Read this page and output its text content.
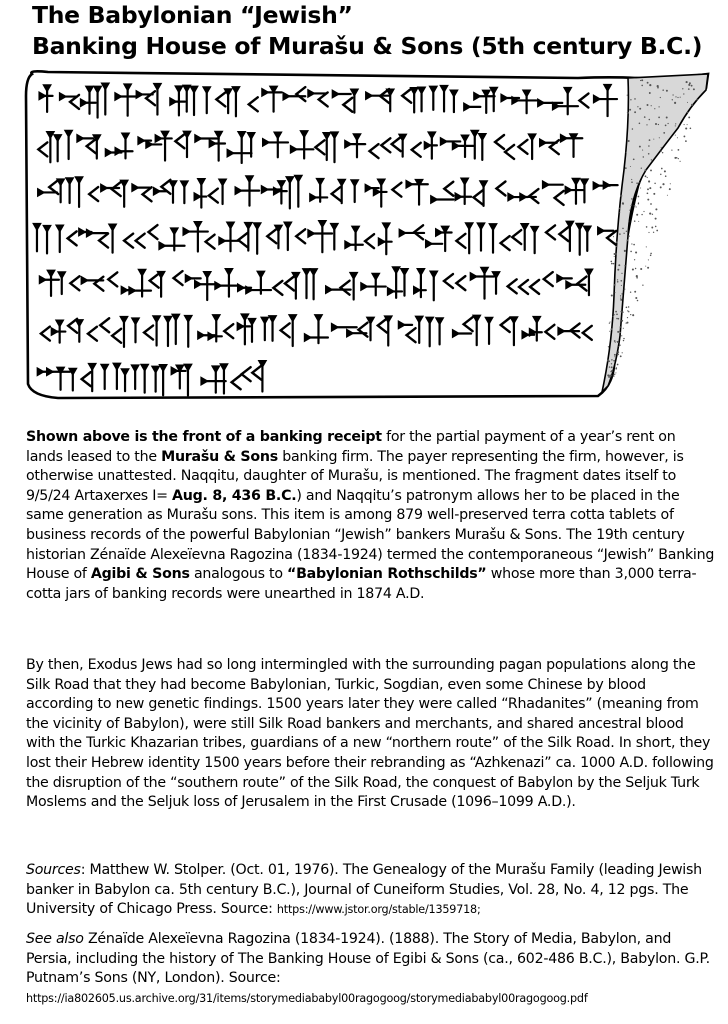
The Babylonian “Jewish”
Banking House of Murašu & Sons (5th century B.C.)
Shown above is the front of a banking receipt for the partial payment of a year’s rent on lands leased to the Murašu & Sons banking firm. The payer representing the firm, however, is otherwise unattested. Naqqitu, daughter of Murašu, is mentioned. The fragment dates itself to 9/5/24 Artaxerxes I= Aug. 8, 436 B.C.) and Naqqitu’s patronym allows her to be placed in the same generation as Murašu sons. This item is among 879 well-preserved terra cotta tablets of business records of the powerful Babylonian “Jewish” bankers Murašu & Sons. The 19th century historian Zénaïde Alexeïevna Ragozina (1834-1924) termed the contemporaneous “Jewish” Banking House of Agibi & Sons analogous to “Babylonian Rothschilds” whose more than 3,000 terra-cotta jars of banking records were unearthed in 1874 A.D.
By then, Exodus Jews had so long intermingled with the surrounding pagan populations along the Silk Road that they had become Babylonian, Turkic, Sogdian, even some Chinese by blood according to new genetic findings. 1500 years later they were called “Rhadanites” (meaning from the vicinity of Babylon), were still Silk Road bankers and merchants, and shared ancestral blood with the Turkic Khazarian tribes, guardians of a new “northern route” of the Silk Road. In short, they lost their Hebrew identity 1500 years before their rebranding as “Azhkenazi” ca. 1000 A.D. following the disruption of the “southern route” of the Silk Road, the conquest of Babylon by the Seljuk Turk Moslems and the Seljuk loss of Jerusalem in the First Crusade (1096–1099 A.D.).
Sources: Matthew W. Stolper. (Oct. 01, 1976). The Genealogy of the Murašu Family (leading Jewish banker in Babylon ca. 5th century B.C.), Journal of Cuneiform Studies, Vol. 28, No. 4, 12 pgs. The University of Chicago Press. Source: https://www.jstor.org/stable/1359718;
See also Zénaïde Alexeïevna Ragozina (1834-1924). (1888). The Story of Media, Babylon, and Persia, including the history of The Banking House of Egibi & Sons (ca., 602-486 B.C.), Babylon. G.P. Putnam’s Sons (NY, London). Source:
https://ia802605.us.archive.org/31/items/storymediababyl00ragogoog/storymediababyl00ragogoog.pdf
